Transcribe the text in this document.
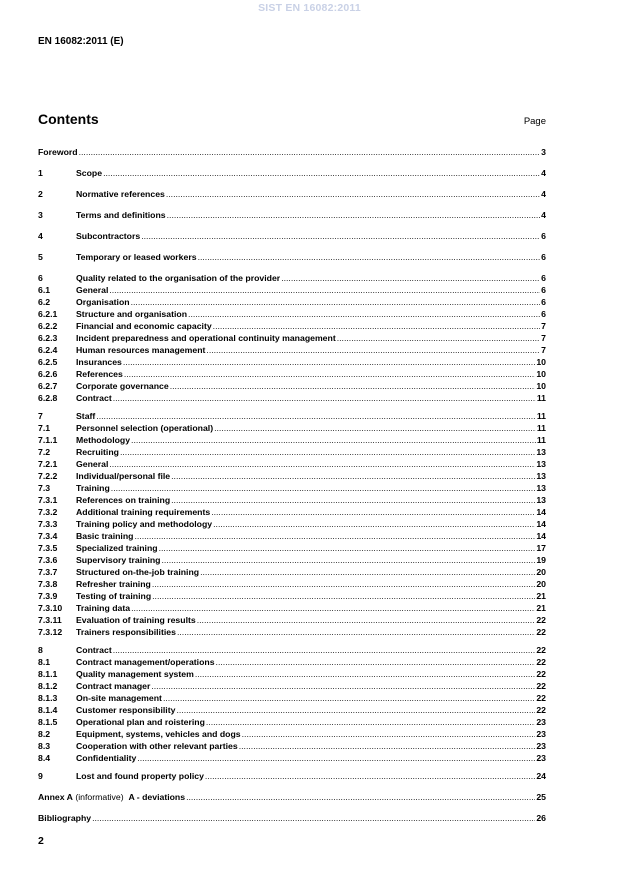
SIST EN 16082:2011
EN 16082:2011 (E)
Contents	Page
Foreword .....	3
1	Scope .....	4
2	Normative references .....	4
3	Terms and definitions .....	4
4	Subcontractors .....	6
5	Temporary or leased workers .....	6
6	Quality related to the organisation of the provider .....	6
6.1	General .....	6
6.2	Organisation .....	6
6.2.1	Structure and organisation .....	6
6.2.2	Financial and economic capacity .....	7
6.2.3	Incident preparedness and operational continuity management .....	7
6.2.4	Human resources management .....	7
6.2.5	Insurances .....	10
6.2.6	References .....	10
6.2.7	Corporate governance .....	10
6.2.8	Contract .....	11
7	Staff .....	11
7.1	Personnel selection (operational) .....	11
7.1.1	Methodology .....	11
7.2	Recruiting .....	13
7.2.1	General .....	13
7.2.2	Individual/personal file .....	13
7.3	Training .....	13
7.3.1	References on training .....	13
7.3.2	Additional training requirements .....	14
7.3.3	Training policy and methodology .....	14
7.3.4	Basic training .....	14
7.3.5	Specialized training .....	17
7.3.6	Supervisory training .....	19
7.3.7	Structured on-the-job training .....	20
7.3.8	Refresher training .....	20
7.3.9	Testing of training .....	21
7.3.10	Training data .....	21
7.3.11	Evaluation of training results .....	22
7.3.12	Trainers responsibilities .....	22
8	Contract .....	22
8.1	Contract management/operations .....	22
8.1.1	Quality management system .....	22
8.1.2	Contract manager .....	22
8.1.3	On-site management .....	22
8.1.4	Customer responsibility .....	22
8.1.5	Operational plan and roistering .....	23
8.2	Equipment, systems, vehicles and dogs .....	23
8.3	Cooperation with other relevant parties .....	23
8.4	Confidentiality .....	23
9	Lost and found property policy .....	24
Annex A (informative)  A - deviations .....	25
Bibliography .....	26
2
